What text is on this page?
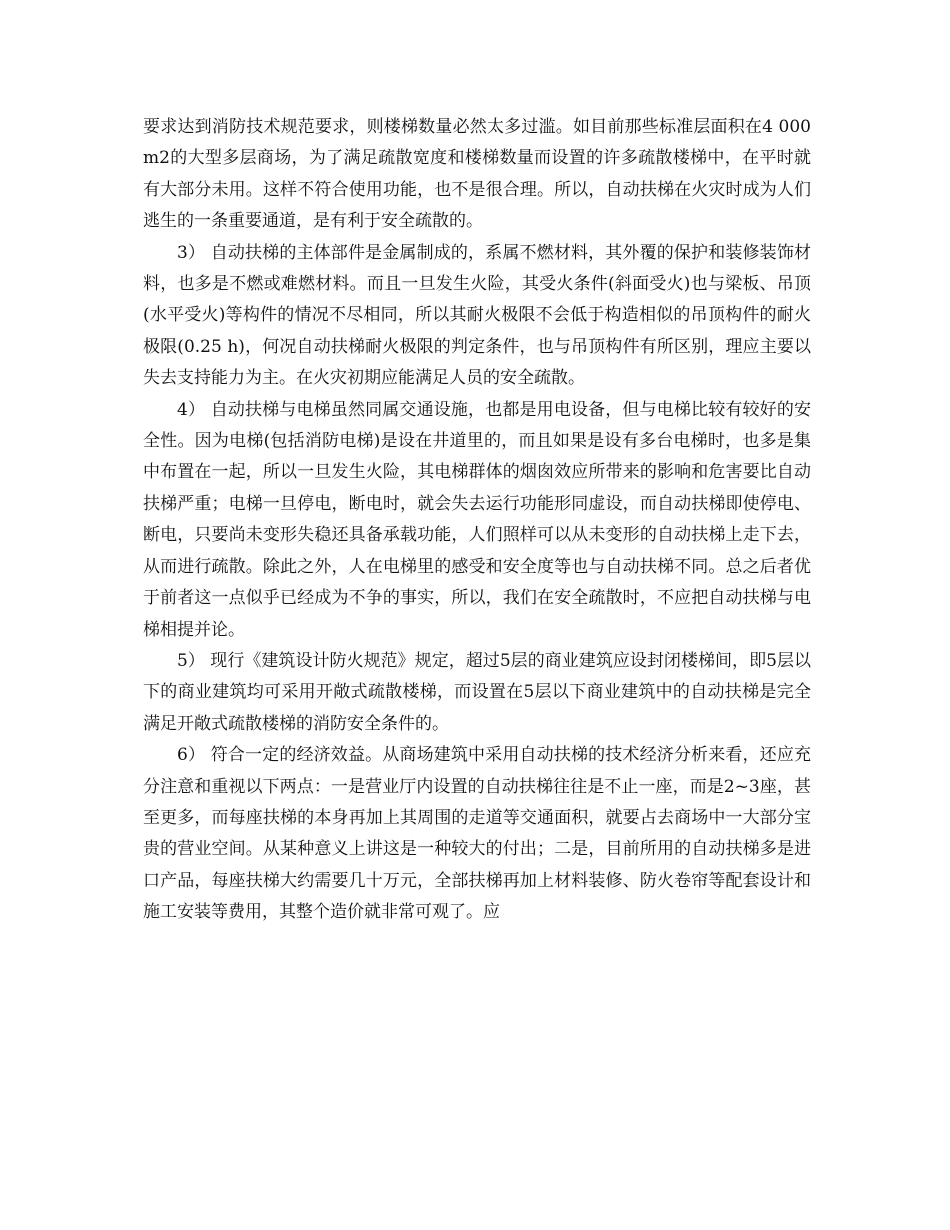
要求达到消防技术规范要求，则楼梯数量必然太多过滥。如目前那些标准层面积在4 000 m2的大型多层商场，为了满足疏散宽度和楼梯数量而设置的许多疏散楼梯中，在平时就有大部分未用。这样不符合使用功能，也不是很合理。所以，自动扶梯在火灾时成为人们逃生的一条重要通道，是有利于安全疏散的。

3） 自动扶梯的主体部件是金属制成的，系属不燃材料，其外覆的保护和装修装饰材料，也多是不燃或难燃材料。而且一旦发生火险，其受火条件(斜面受火)也与梁板、吊顶(水平受火)等构件的情况不尽相同，所以其耐火极限不会低于构造相似的吊顶构件的耐火极限(0.25 h)，何况自动扶梯耐火极限的判定条件，也与吊顶构件有所区别，理应主要以失去支持能力为主。在火灾初期应能满足人员的安全疏散。

4） 自动扶梯与电梯虽然同属交通设施，也都是用电设备，但与电梯比较有较好的安全性。因为电梯(包括消防电梯)是设在井道里的，而且如果是设有多台电梯时，也多是集中布置在一起，所以一旦发生火险，其电梯群体的烟囱效应所带来的影响和危害要比自动扶梯严重；电梯一旦停电，断电时，就会失去运行功能形同虚设，而自动扶梯即使停电、断电，只要尚未变形失稳还具备承载功能，人们照样可以从未变形的自动扶梯上走下去，从而进行疏散。除此之外，人在电梯里的感受和安全度等也与自动扶梯不同。总之后者优于前者这一点似乎已经成为不争的事实，所以，我们在安全疏散时，不应把自动扶梯与电梯相提并论。

5） 现行《建筑设计防火规范》规定，超过5层的商业建筑应设封闭楼梯间，即5层以下的商业建筑均可采用开敞式疏散楼梯，而设置在5层以下商业建筑中的自动扶梯是完全满足开敞式疏散楼梯的消防安全条件的。

6） 符合一定的经济效益。从商场建筑中采用自动扶梯的技术经济分析来看，还应充分注意和重视以下两点：一是营业厅内设置的自动扶梯往往是不止一座，而是2~3座，甚至更多，而每座扶梯的本身再加上其周围的走道等交通面积，就要占去商场中一大部分宝贵的营业空间。从某种意义上讲这是一种较大的付出；二是，目前所用的自动扶梯多是进口产品，每座扶梯大约需要几十万元，全部扶梯再加上材料装修、防火卷帘等配套设计和施工安装等费用，其整个造价就非常可观了。应
